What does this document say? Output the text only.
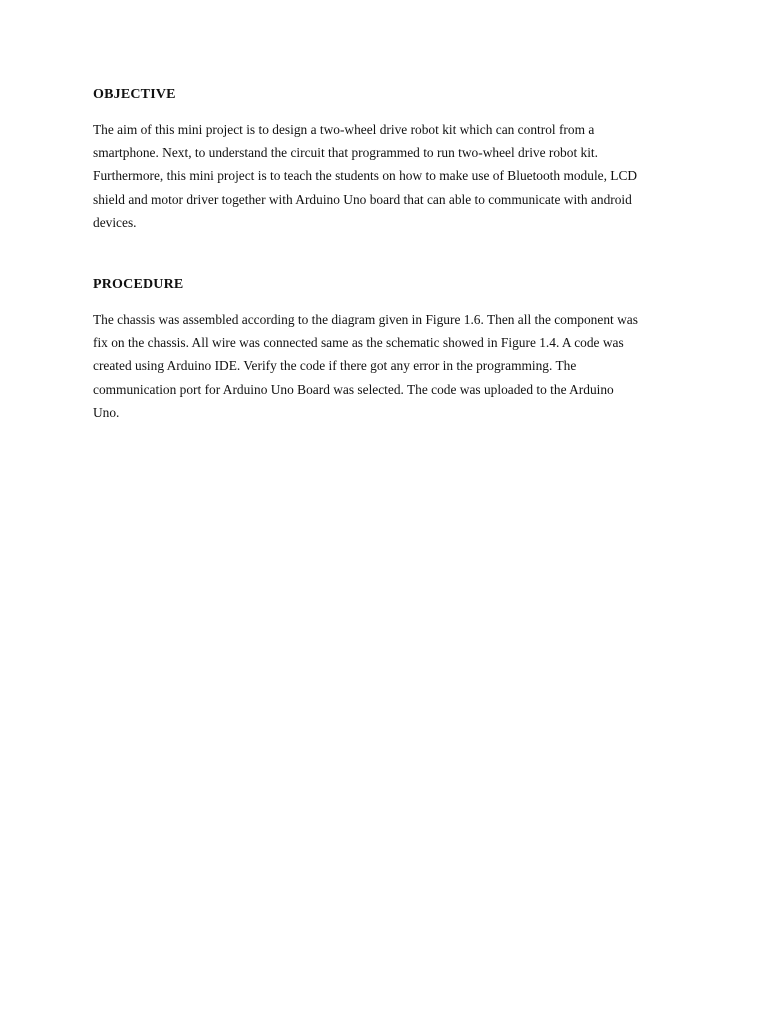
OBJECTIVE

The aim of this mini project is to design a two-wheel drive robot kit which can control from a
smartphone. Next, to understand the circuit that programmed to run two-wheel drive robot kit.
Furthermore, this mini project is to teach the students on how to make use of Bluetooth module, LCD
shield and motor driver together with Arduino Uno board that can able to communicate with android
devices.

PROCEDURE

The chassis was assembled according to the diagram given in Figure 1.6. Then all the component was
fix on the chassis. All wire was connected same as the schematic showed in Figure 1.4. A code was
created using Arduino IDE. Verify the code if there got any error in the programming. The
communication port for Arduino Uno Board was selected. The code was uploaded to the Arduino
Uno.
